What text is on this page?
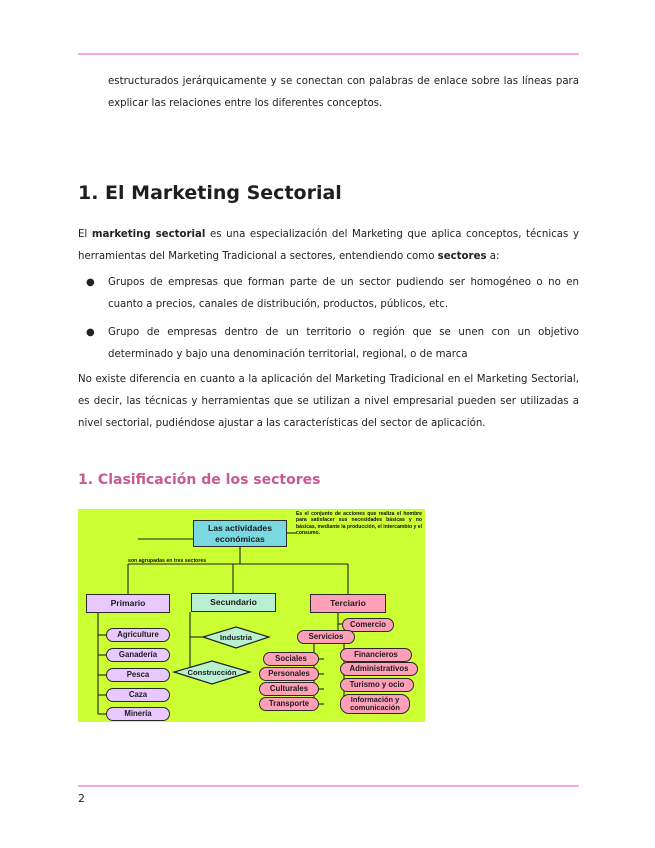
estructurados jerárquicamente y se conectan con palabras de enlace sobre las líneas para explicar las relaciones entre los diferentes conceptos.

1. El Marketing Sectorial

El marketing sectorial es una especialización del Marketing que aplica conceptos, técnicas y herramientas del Marketing Tradicional a sectores, entendiendo como sectores a:

● Grupos de empresas que forman parte de un sector pudiendo ser homogéneo o no en cuanto a precios, canales de distribución, productos, públicos, etc.
● Grupo de empresas dentro de un territorio o región que se unen con un objetivo determinado y bajo una denominación territorial, regional, o de marca

No existe diferencia en cuanto a la aplicación del Marketing Tradicional en el Marketing Sectorial, es decir, las técnicas y herramientas que se utilizan a nivel empresarial pueden ser utilizadas a nivel sectorial, pudiéndose ajustar a las características del sector de aplicación.

1. Clasificación de los sectores
Las actividades económicas
Es el conjunto de acciones que realiza el hombre para satisfacer sus necesidades básicas y no básicas, mediante la producción, el intercambio y el consumo.
son agrupadas en tres sectores
Primario	Secundario	Terciario
Agriculture
Ganadería
Pesca
Caza
Minería
Industria
Construcción
Comercio
Servicios
Sociales
Personales
Culturales
Transporte
Financieros
Administrativos
Turismo y ocio
Información y comunicación
2
